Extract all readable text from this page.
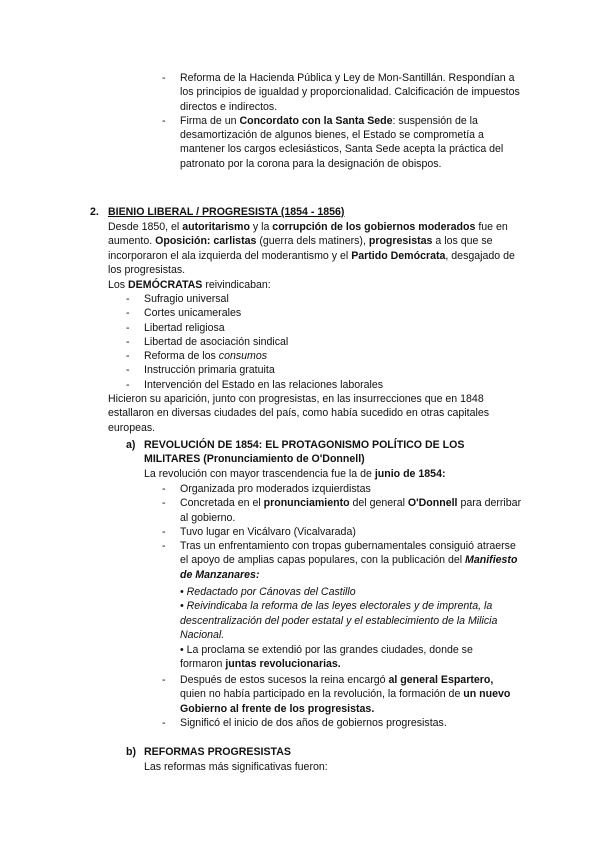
- Reforma de la Hacienda Pública y Ley de Mon-Santillán. Respondían a los principios de igualdad y proporcionalidad. Calcificación de impuestos directos e indirectos.

- Firma de un Concordato con la Santa Sede: suspensión de la desamortización de algunos bienes, el Estado se comprometía a mantener los cargos eclesiásticos, Santa Sede acepta la práctica del patronato por la corona para la designación de obispos.

2. BIENIO LIBERAL / PROGRESISTA (1854 - 1856)
Desde 1850, el autoritarismo y la corrupción de los gobiernos moderados fue en aumento. Oposición: carlistas (guerra dels matiners), progresistas a los que se incorporaron el ala izquierda del moderantismo y el Partido Demócrata, desgajado de los progresistas.
Los DEMÓCRATAS reivindicaban:
- Sufragio universal

- Cortes unicamerales

- Libertad religiosa

- Libertad de asociación sindical

- Reforma de los consumos

- Instrucción primaria gratuita

- Intervención del Estado en las relaciones laborales

Hicieron su aparición, junto con progresistas, en las insurrecciones que en 1848 estallaron en diversas ciudades del país, como había sucedido en otras capitales europeas.
a) REVOLUCIÓN DE 1854: EL PROTAGONISMO POLÍTICO DE LOS MILITARES (Pronunciamiento de O'Donnell)
La revolución con mayor trascendencia fue la de junio de 1854:
- Organizada pro moderados izquierdistas

- Concretada en el pronunciamiento del general O'Donnell para derribar al gobierno.

- Tuvo lugar en Vicálvaro (Vicalvarada)

- Tras un enfrentamiento con tropas gubernamentales consiguió atraerse el apoyo de amplias capas populares, con la publicación del Manifiesto de Manzanares:

• Redactado por Cánovas del Castillo

• Reivindicaba la reforma de las leyes electorales y de imprenta, la descentralización del poder estatal y el establecimiento de la Milicia Nacional.

• La proclama se extendió por las grandes ciudades, donde se formaron juntas revolucionarias.
- Después de estos sucesos la reina encargó al general Espartero, quien no había participado en la revolución, la formación de un nuevo Gobierno al frente de los progresistas.

- Significó el inicio de dos años de gobiernos progresistas.

b) REFORMAS PROGRESISTAS
Las reformas más significativas fueron:
